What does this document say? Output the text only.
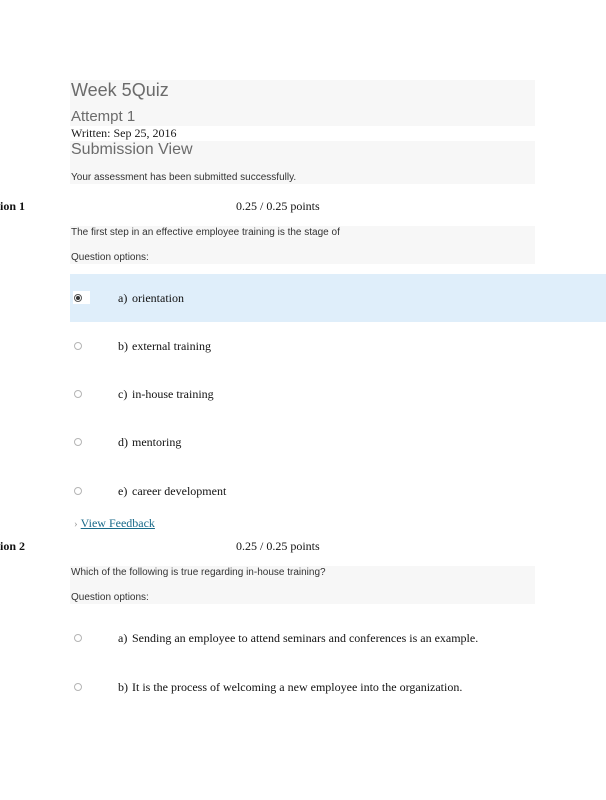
Week 5Quiz
Attempt 1
Written: Sep 25, 2016
Submission View
Your assessment has been submitted successfully.
ion 1	0.25 / 0.25 points
The first step in an effective employee training is the stage of
Question options:
a) orientation
b) external training
c) in-house training
d) mentoring
e) career development
› View Feedback
ion 2	0.25 / 0.25 points
Which of the following is true regarding in-house training?
Question options:
a) Sending an employee to attend seminars and conferences is an example.
b) It is the process of welcoming a new employee into the organization.
